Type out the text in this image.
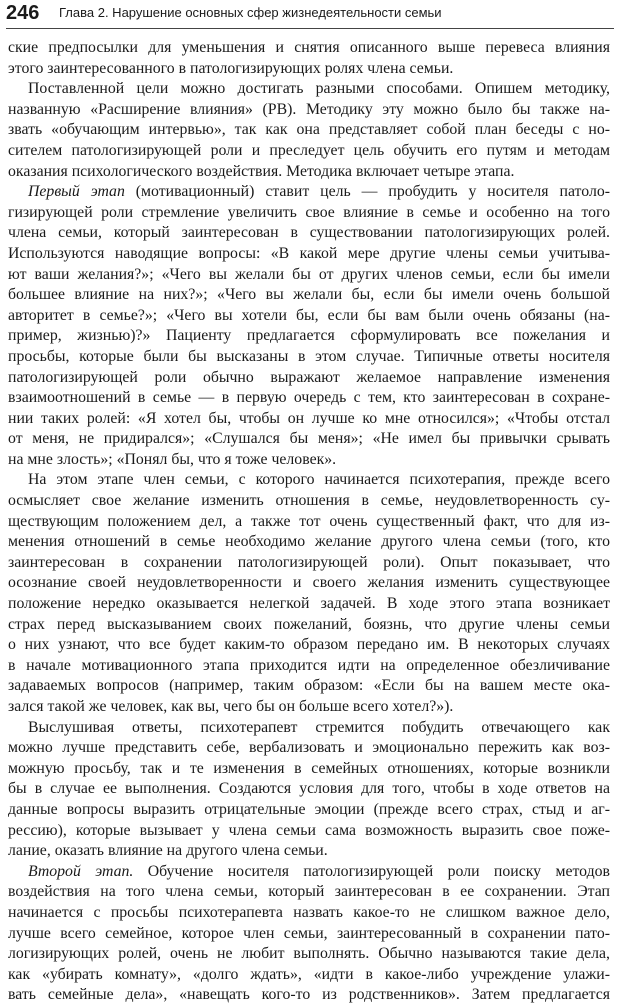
246 Глава 2. Нарушение основных сфер жизнедеятельности семьи
ские предпосылки для уменьшения и снятия описанного выше перевеса влияния
этого заинтересованного в патологизирующих ролях члена семьи.
Поставленной цели можно достигать разными способами. Опишем методику,
названную «Расширение влияния» (РВ). Методику эту можно было бы также на-
звать «обучающим интервью», так как она представляет собой план беседы с но-
сителем патологизирующей роли и преследует цель обучить его путям и методам
оказания психологического воздействия. Методика включает четыре этапа.
Первый этап (мотивационный) ставит цель — пробудить у носителя патоло-
гизирующей роли стремление увеличить свое влияние в семье и особенно на того
члена семьи, который заинтересован в существовании патологизирующих ролей.
Используются наводящие вопросы: «В какой мере другие члены семьи учитыва-
ют ваши желания?»; «Чего вы желали бы от других членов семьи, если бы имели
большее влияние на них?»; «Чего вы желали бы, если бы имели очень большой
авторитет в семье?»; «Чего вы хотели бы, если бы вам были очень обязаны (на-
пример, жизнью)?» Пациенту предлагается сформулировать все пожелания и
просьбы, которые были бы высказаны в этом случае. Типичные ответы носителя
патологизирующей роли обычно выражают желаемое направление изменения
взаимоотношений в семье — в первую очередь с тем, кто заинтересован в сохране-
нии таких ролей: «Я хотел бы, чтобы он лучше ко мне относился»; «Чтобы отстал
от меня, не придирался»; «Слушался бы меня»; «Не имел бы привычки срывать
на мне злость»; «Понял бы, что я тоже человек».
На этом этапе член семьи, с которого начинается психотерапия, прежде всего
осмысляет свое желание изменить отношения в семье, неудовлетворенность су-
ществующим положением дел, а также тот очень существенный факт, что для из-
менения отношений в семье необходимо желание другого члена семьи (того, кто
заинтересован в сохранении патологизирующей роли). Опыт показывает, что
осознание своей неудовлетворенности и своего желания изменить существующее
положение нередко оказывается нелегкой задачей. В ходе этого этапа возникает
страх перед высказыванием своих пожеланий, боязнь, что другие члены семьи
о них узнают, что все будет каким-то образом передано им. В некоторых случаях
в начале мотивационного этапа приходится идти на определенное обезличивание
задаваемых вопросов (например, таким образом: «Если бы на вашем месте ока-
зался такой же человек, как вы, чего бы он больше всего хотел?»).
Выслушивая ответы, психотерапевт стремится побудить отвечающего как
можно лучше представить себе, вербализовать и эмоционально пережить как воз-
можную просьбу, так и те изменения в семейных отношениях, которые возникли
бы в случае ее выполнения. Создаются условия для того, чтобы в ходе ответов на
данные вопросы выразить отрицательные эмоции (прежде всего страх, стыд и аг-
рессию), которые вызывает у члена семьи сама возможность выразить свое поже-
лание, оказать влияние на другого члена семьи.
Второй этап. Обучение носителя патологизирующей роли поиску методов
воздействия на того члена семьи, который заинтересован в ее сохранении. Этап
начинается с просьбы психотерапевта назвать какое-то не слишком важное дело,
лучше всего семейное, которое член семьи, заинтересованный в сохранении пато-
логизирующих ролей, очень не любит выполнять. Обычно называются такие дела,
как «убирать комнату», «долго ждать», «идти в какое-либо учреждение улажи-
вать семейные дела», «навещать кого-то из родственников». Затем предлагается
